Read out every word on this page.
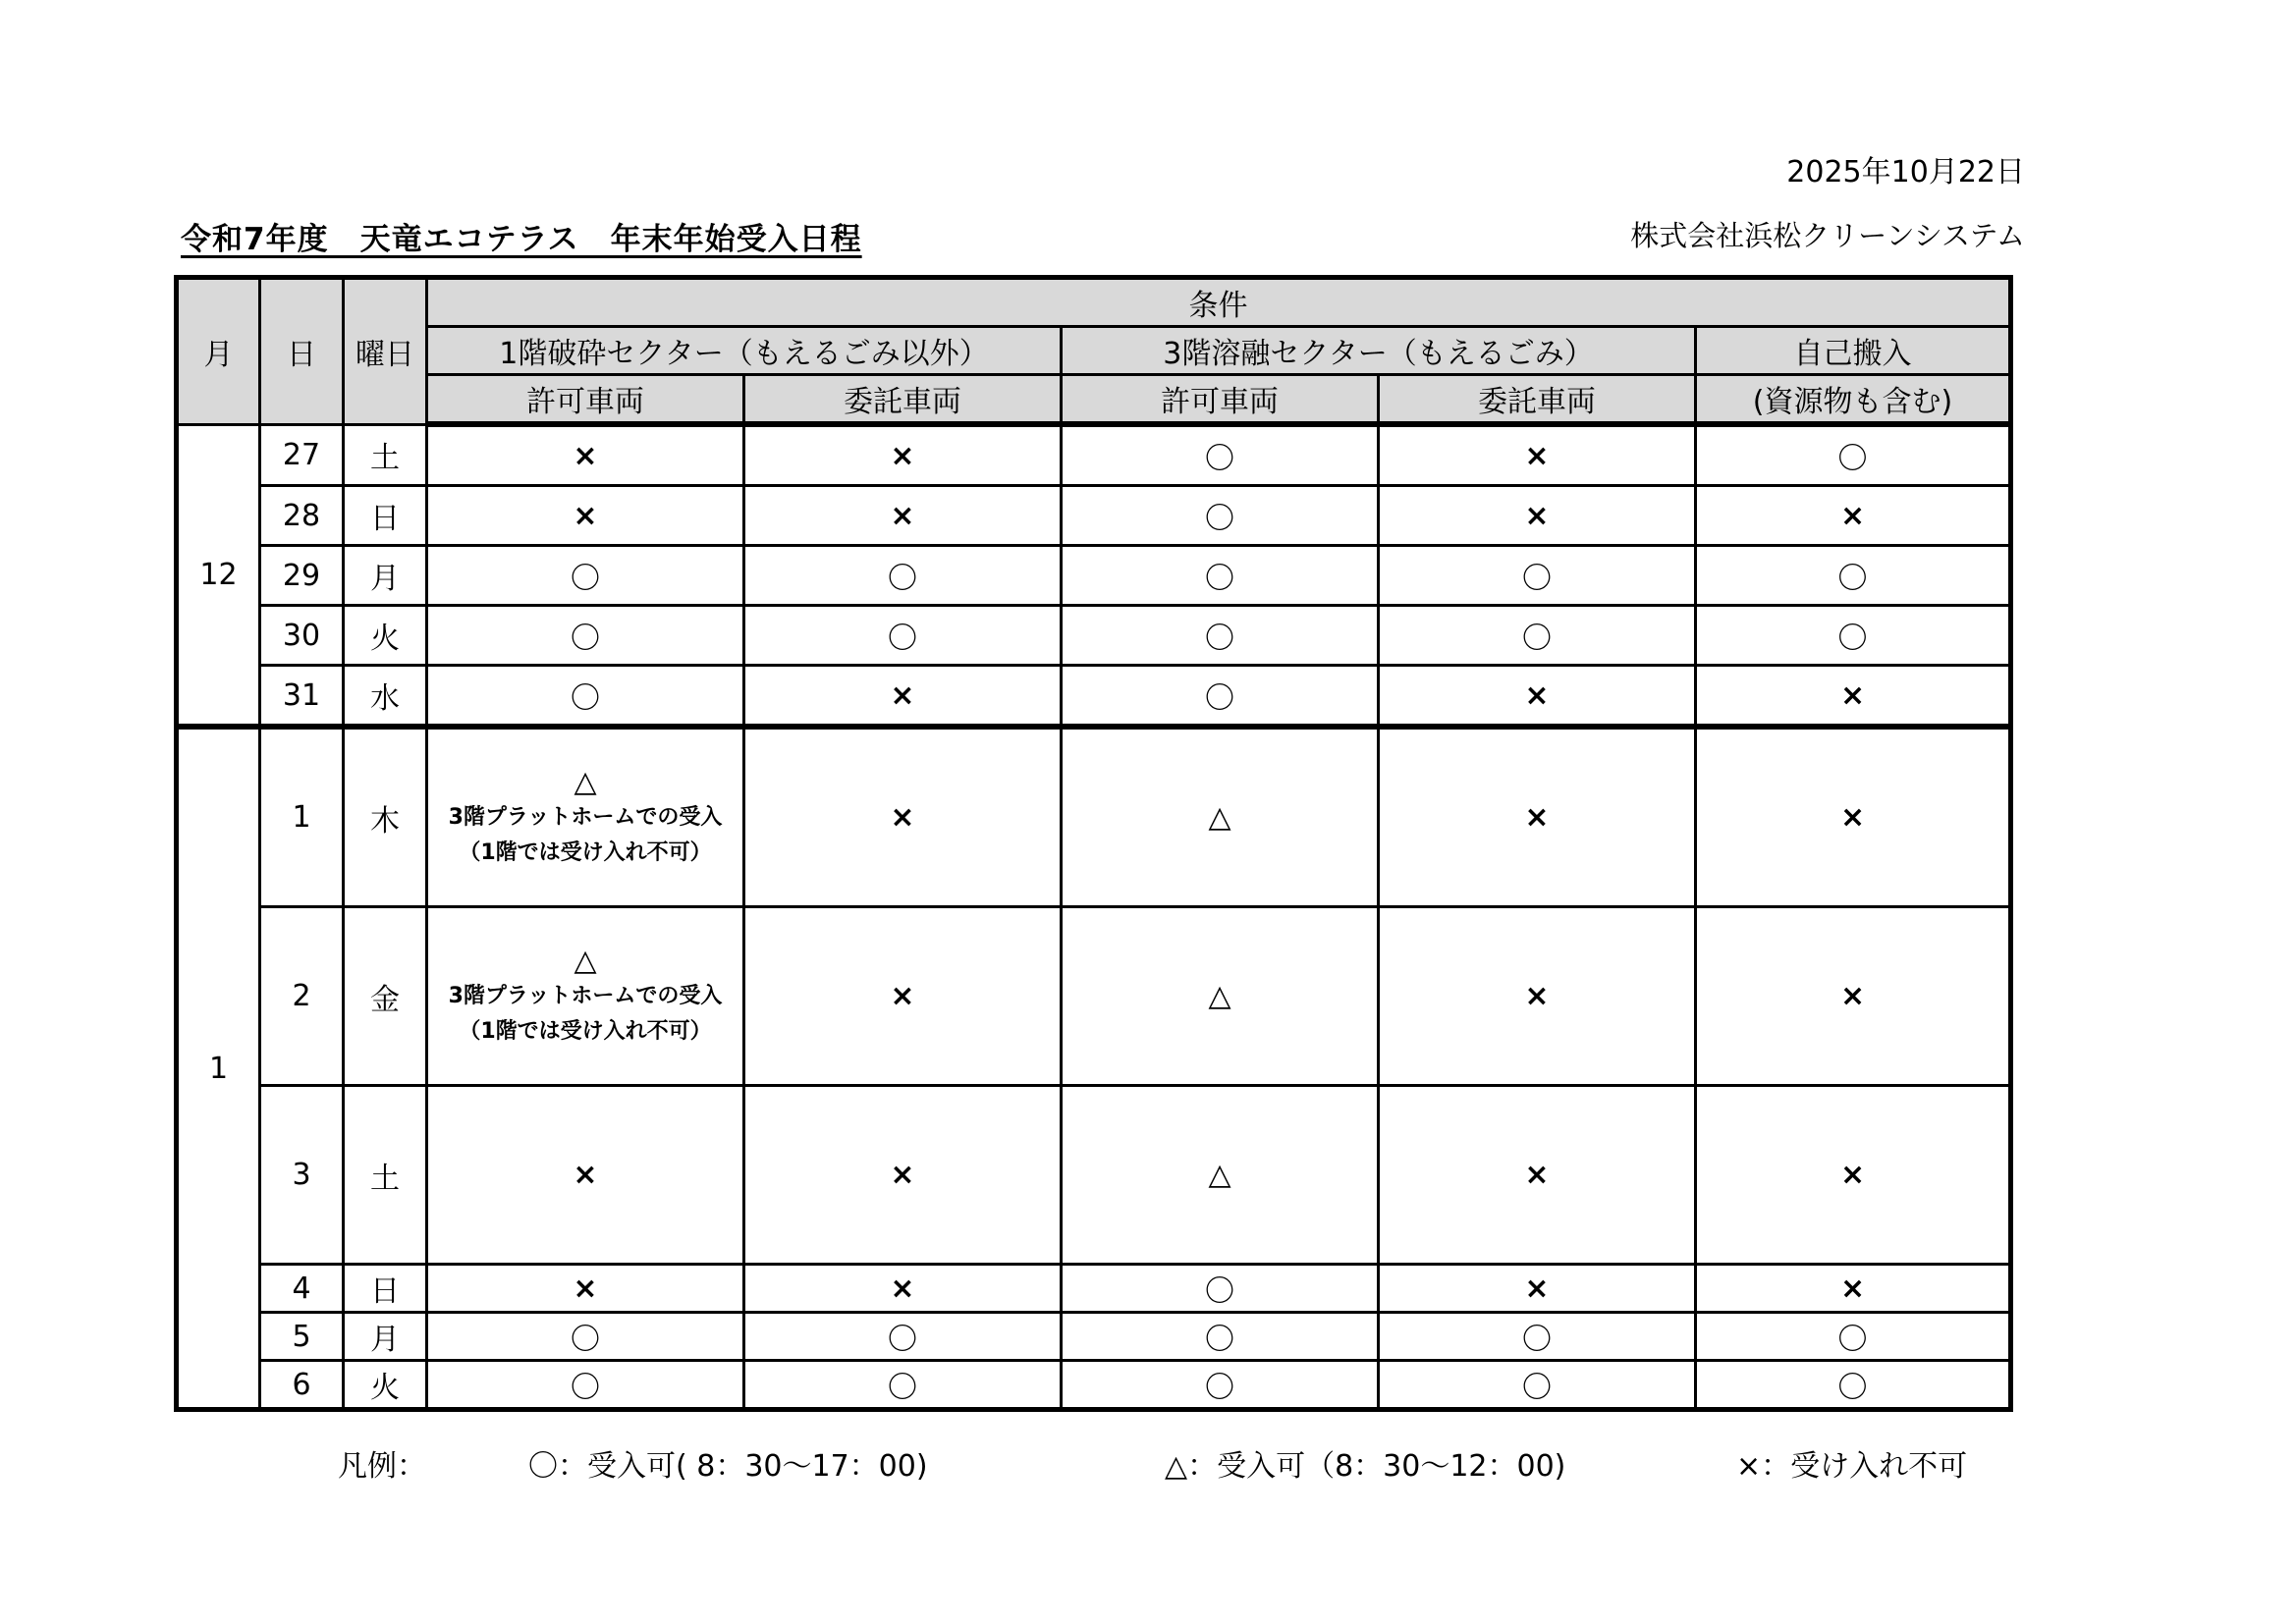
2025年10月22日
令和7年度　天竜エコテラス　年末年始受入日程	株式会社浜松クリーンシステム
月	日	曜日	条件				
			1階破砕セクター（もえるごみ以外）		3階溶融セクター（もえるごみ）		自己搬入
			許可車両	委託車両	許可車両	委託車両	(資源物も含む)
12	27	土	×	×	〇	×	〇
	28	日	×	×	〇	×	×
	29	月	〇	〇	〇	〇	〇
	30	火	〇	〇	〇	〇	〇
	31	水	〇	×	〇	×	×
1	1	木	△
3階プラットホームでの受入
（1階では受け入れ不可）	×	△	×	×
	2	金	△
3階プラットホームでの受入
（1階では受け入れ不可）	×	△	×	×
	3	土	×	×	△	×	×
	4	日	×	×	〇	×	×
	5	月	〇	〇	〇	〇	〇
	6	火	〇	〇	〇	〇	〇
凡例：	〇：受入可( 8：30～17：00)	△：受入可（8：30～12：00)	×：受け入れ不可
